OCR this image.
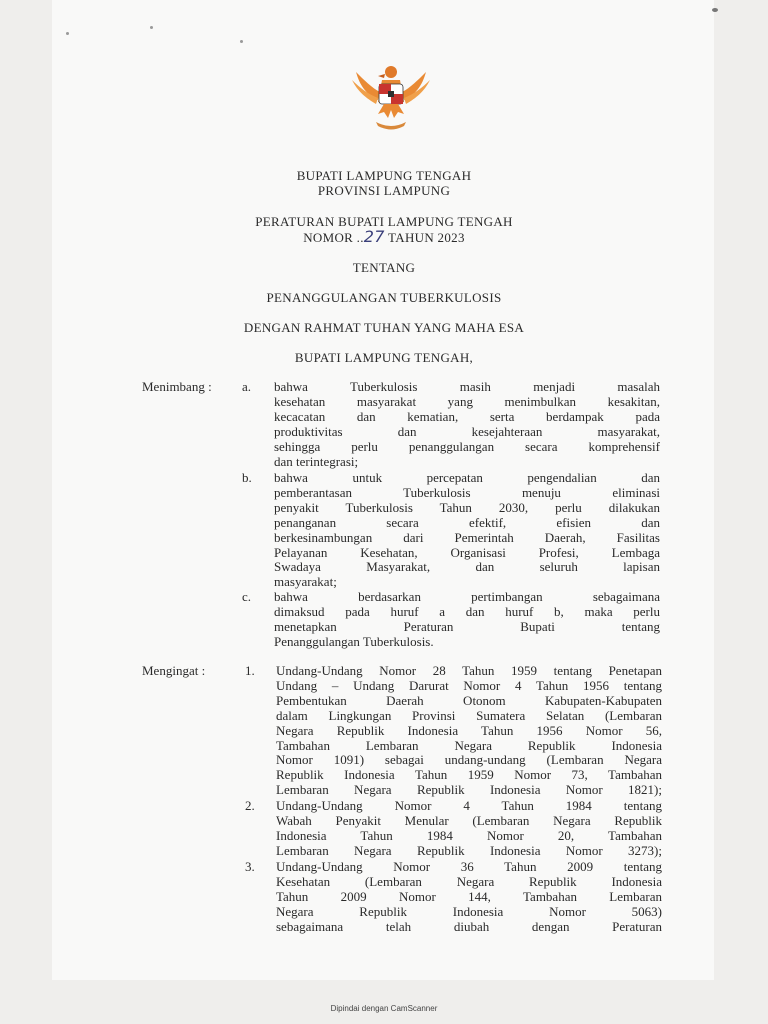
BUPATI LAMPUNG TENGAH
PROVINSI LAMPUNG
PERATURAN BUPATI LAMPUNG TENGAH
NOMOR ..27 TAHUN 2023
TENTANG
PENANGGULANGAN TUBERKULOSIS
DENGAN RAHMAT TUHAN YANG MAHA ESA
BUPATI LAMPUNG TENGAH,
Menimbang : a. bahwa Tuberkulosis masih menjadi masalah
kesehatan masyarakat yang menimbulkan kesakitan,
kecacatan dan kematian, serta berdampak pada
produktivitas dan kesejahteraan masyarakat,
sehingga perlu penanggulangan secara komprehensif
dan terintegrasi;
b. bahwa untuk percepatan pengendalian dan
pemberantasan Tuberkulosis menuju eliminasi
penyakit Tuberkulosis Tahun 2030, perlu dilakukan
penanganan secara efektif, efisien dan
berkesinambungan dari Pemerintah Daerah, Fasilitas
Pelayanan Kesehatan, Organisasi Profesi, Lembaga
Swadaya Masyarakat, dan seluruh lapisan
masyarakat;
c. bahwa berdasarkan pertimbangan sebagaimana
dimaksud pada huruf a dan huruf b, maka perlu
menetapkan Peraturan Bupati tentang
Penanggulangan Tuberkulosis.
Mengingat :	1. Undang-Undang Nomor 28 Tahun 1959 tentang Penetapan
Undang – Undang Darurat Nomor 4 Tahun 1956 tentang
Pembentukan Daerah Otonom Kabupaten-Kabupaten
dalam Lingkungan Provinsi Sumatera Selatan (Lembaran
Negara Republik Indonesia Tahun 1956 Nomor 56,
Tambahan Lembaran Negara Republik Indonesia
Nomor 1091) sebagai undang-undang (Lembaran Negara
Republik Indonesia Tahun 1959 Nomor 73, Tambahan
Lembaran Negara Republik Indonesia Nomor 1821);
2. Undang-Undang Nomor 4 Tahun 1984 tentang
Wabah Penyakit Menular (Lembaran Negara Republik
Indonesia Tahun 1984 Nomor 20, Tambahan
Lembaran Negara Republik Indonesia Nomor 3273);
3. Undang-Undang Nomor 36 Tahun 2009 tentang
Kesehatan (Lembaran Negara Republik Indonesia
Tahun 2009 Nomor 144, Tambahan Lembaran
Negara Republik Indonesia Nomor 5063)
sebagaimana telah diubah dengan Peraturan
Dipindai dengan CamScanner
